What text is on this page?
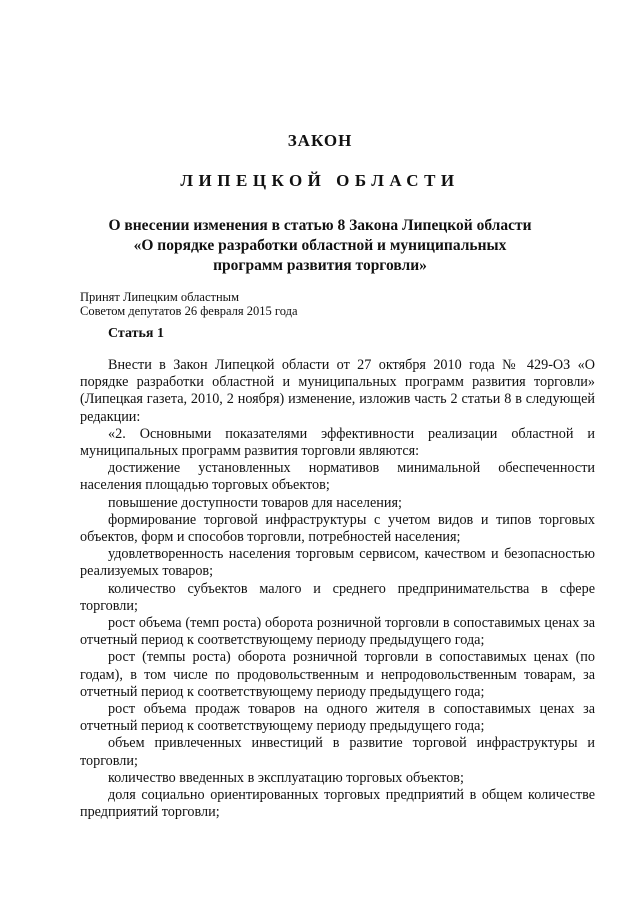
ЗАКОН
ЛИПЕЦКОЙ ОБЛАСТИ
О внесении изменения в статью 8 Закона Липецкой области
«О порядке разработки областной и муниципальных
программ развития торговли»
Принят Липецким областным
Советом депутатов 26 февраля 2015 года
Статья 1

Внести в Закон Липецкой области от 27 октября 2010 года № 429-ОЗ «О порядке разработки областной и муниципальных программ развития торговли» (Липецкая газета, 2010, 2 ноября) изменение, изложив часть 2 статьи 8 в следующей редакции:

«2. Основными показателями эффективности реализации областной и муниципальных программ развития торговли являются:

достижение установленных нормативов минимальной обеспеченности населения площадью торговых объектов;

повышение доступности товаров для населения;

формирование торговой инфраструктуры с учетом видов и типов торговых объектов, форм и способов торговли, потребностей населения;

удовлетворенность населения торговым сервисом, качеством и безопасностью реализуемых товаров;

количество субъектов малого и среднего предпринимательства в сфере торговли;

рост объема (темп роста) оборота розничной торговли в сопоставимых ценах за отчетный период к соответствующему периоду предыдущего года;

рост (темпы роста) оборота розничной торговли в сопоставимых ценах (по годам), в том числе по продовольственным и непродовольственным товарам, за отчетный период к соответствующему периоду предыдущего года;

рост объема продаж товаров на одного жителя в сопоставимых ценах за отчетный период к соответствующему периоду предыдущего года;

объем привлеченных инвестиций в развитие торговой инфраструктуры и торговли;

количество введенных в эксплуатацию торговых объектов;

доля социально ориентированных торговых предприятий в общем количестве предприятий торговли;
